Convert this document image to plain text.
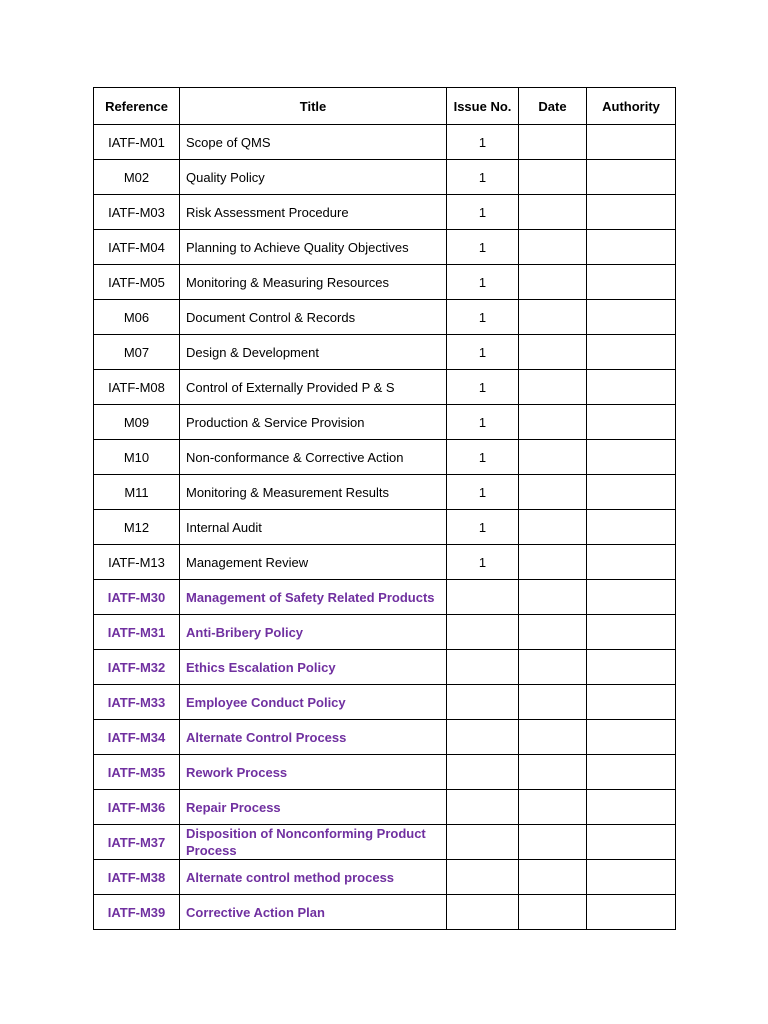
Reference	Title	Issue No.	Date	Authority
IATF-M01	Scope of QMS	1		
M02	Quality Policy	1		
IATF-M03	Risk Assessment Procedure	1		
IATF-M04	Planning to Achieve Quality Objectives	1		
IATF-M05	Monitoring & Measuring Resources	1		
M06	Document Control & Records	1		
M07	Design & Development	1		
IATF-M08	Control of Externally Provided P & S	1		
M09	Production & Service Provision	1		
M10	Non-conformance & Corrective Action	1		
M11	Monitoring & Measurement Results	1		
M12	Internal Audit	1		
IATF-M13	Management Review	1		
IATF-M30	Management of Safety Related Products			
IATF-M31	Anti-Bribery Policy			
IATF-M32	Ethics Escalation Policy			
IATF-M33	Employee Conduct Policy			
IATF-M34	Alternate Control Process			
IATF-M35	Rework Process			
IATF-M36	Repair Process			
IATF-M37	Disposition of Nonconforming Product Process			
IATF-M38	Alternate control method process			
IATF-M39	Corrective Action Plan			
